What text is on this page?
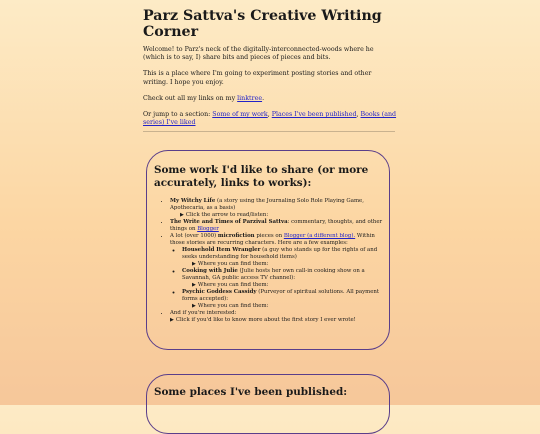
Parz Sattva's Creative Writing Corner

Welcome! to Parz's neck of the digitally-interconnected-woods where he (which is to say, I) share bits and pieces of pieces and bits.

This is a place where I'm going to experiment posting stories and other writing. I hope you enjoy.

Check out all my links on my linktree.

Or jump to a section: Some of my work, Places I've been published, Books (and series) I've liked

Some work I'd like to share (or more accurately, links to works):
• My Witchy Life (a story using the Journaling Solo Role Playing Game, Apothecaria, as a basis)
▶ Click the arrow to read/listen:
• The Write and Times of Parzival Sattva: commentary, thoughts, and other things on Blogger
• A lot (over 1000) microfiction pieces on Blogger (a different blog). Within those stories are recurring characters. Here are a few examples:
◦ Household Item Wrangler (a guy who stands up for the rights of and seeks understanding for household items)
▶ Where you can find them:
◦ Cooking with Julie (Julie hosts her own call-in cooking show on a Savannah, GA public access TV channel):
▶ Where you can find them:
◦ Psychic Goddess Cassidy (Purveyor of spiritual solutions. All payment forms accepted):
▶ Where you can find them:
• And if you're interested:
▶ Click if you'd like to know more about the first story I ever wrote!
Some places I've been published:
